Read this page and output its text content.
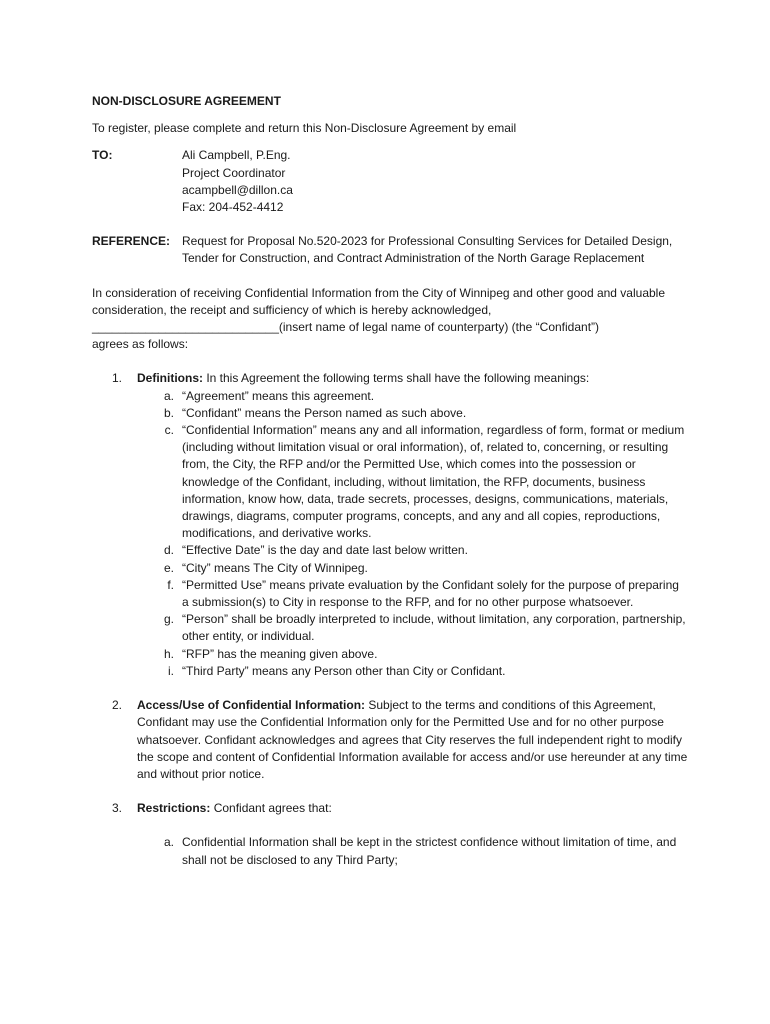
NON-DISCLOSURE AGREEMENT
To register, please complete and return this Non-Disclosure Agreement by email
TO:	Ali Campbell, P.Eng.
Project Coordinator
acampbell@dillon.ca
Fax: 204-452-4412
REFERENCE: Request for Proposal No.520-2023 for Professional Consulting Services for Detailed Design, Tender for Construction, and Contract Administration of the North Garage Replacement
In consideration of receiving Confidential Information from the City of Winnipeg and other good and valuable consideration, the receipt and sufficiency of which is hereby acknowledged,
____________________________(insert name of legal name of counterparty) (the “Confidant”)
agrees as follows:
1.	Definitions: In this Agreement the following terms shall have the following meanings:
a. “Agreement” means this agreement.
b. “Confidant” means the Person named as such above.
c. “Confidential Information” means any and all information, regardless of form, format or medium (including without limitation visual or oral information), of, related to, concerning, or resulting from, the City, the RFP and/or the Permitted Use, which comes into the possession or knowledge of the Confidant, including, without limitation, the RFP, documents, business information, know how, data, trade secrets, processes, designs, communications, materials, drawings, diagrams, computer programs, concepts, and any and all copies, reproductions, modifications, and derivative works.
d. “Effective Date” is the day and date last below written.
e. “City” means The City of Winnipeg.
f. “Permitted Use” means private evaluation by the Confidant solely for the purpose of preparing a submission(s) to City in response to the RFP, and for no other purpose whatsoever.
g. “Person” shall be broadly interpreted to include, without limitation, any corporation, partnership, other entity, or individual.
h. “RFP” has the meaning given above.
i. “Third Party” means any Person other than City or Confidant.
2.	Access/Use of Confidential Information: Subject to the terms and conditions of this Agreement, Confidant may use the Confidential Information only for the Permitted Use and for no other purpose whatsoever. Confidant acknowledges and agrees that City reserves the full independent right to modify the scope and content of Confidential Information available for access and/or use hereunder at any time and without prior notice.
3.	Restrictions: Confidant agrees that:
a. Confidential Information shall be kept in the strictest confidence without limitation of time, and shall not be disclosed to any Third Party;
